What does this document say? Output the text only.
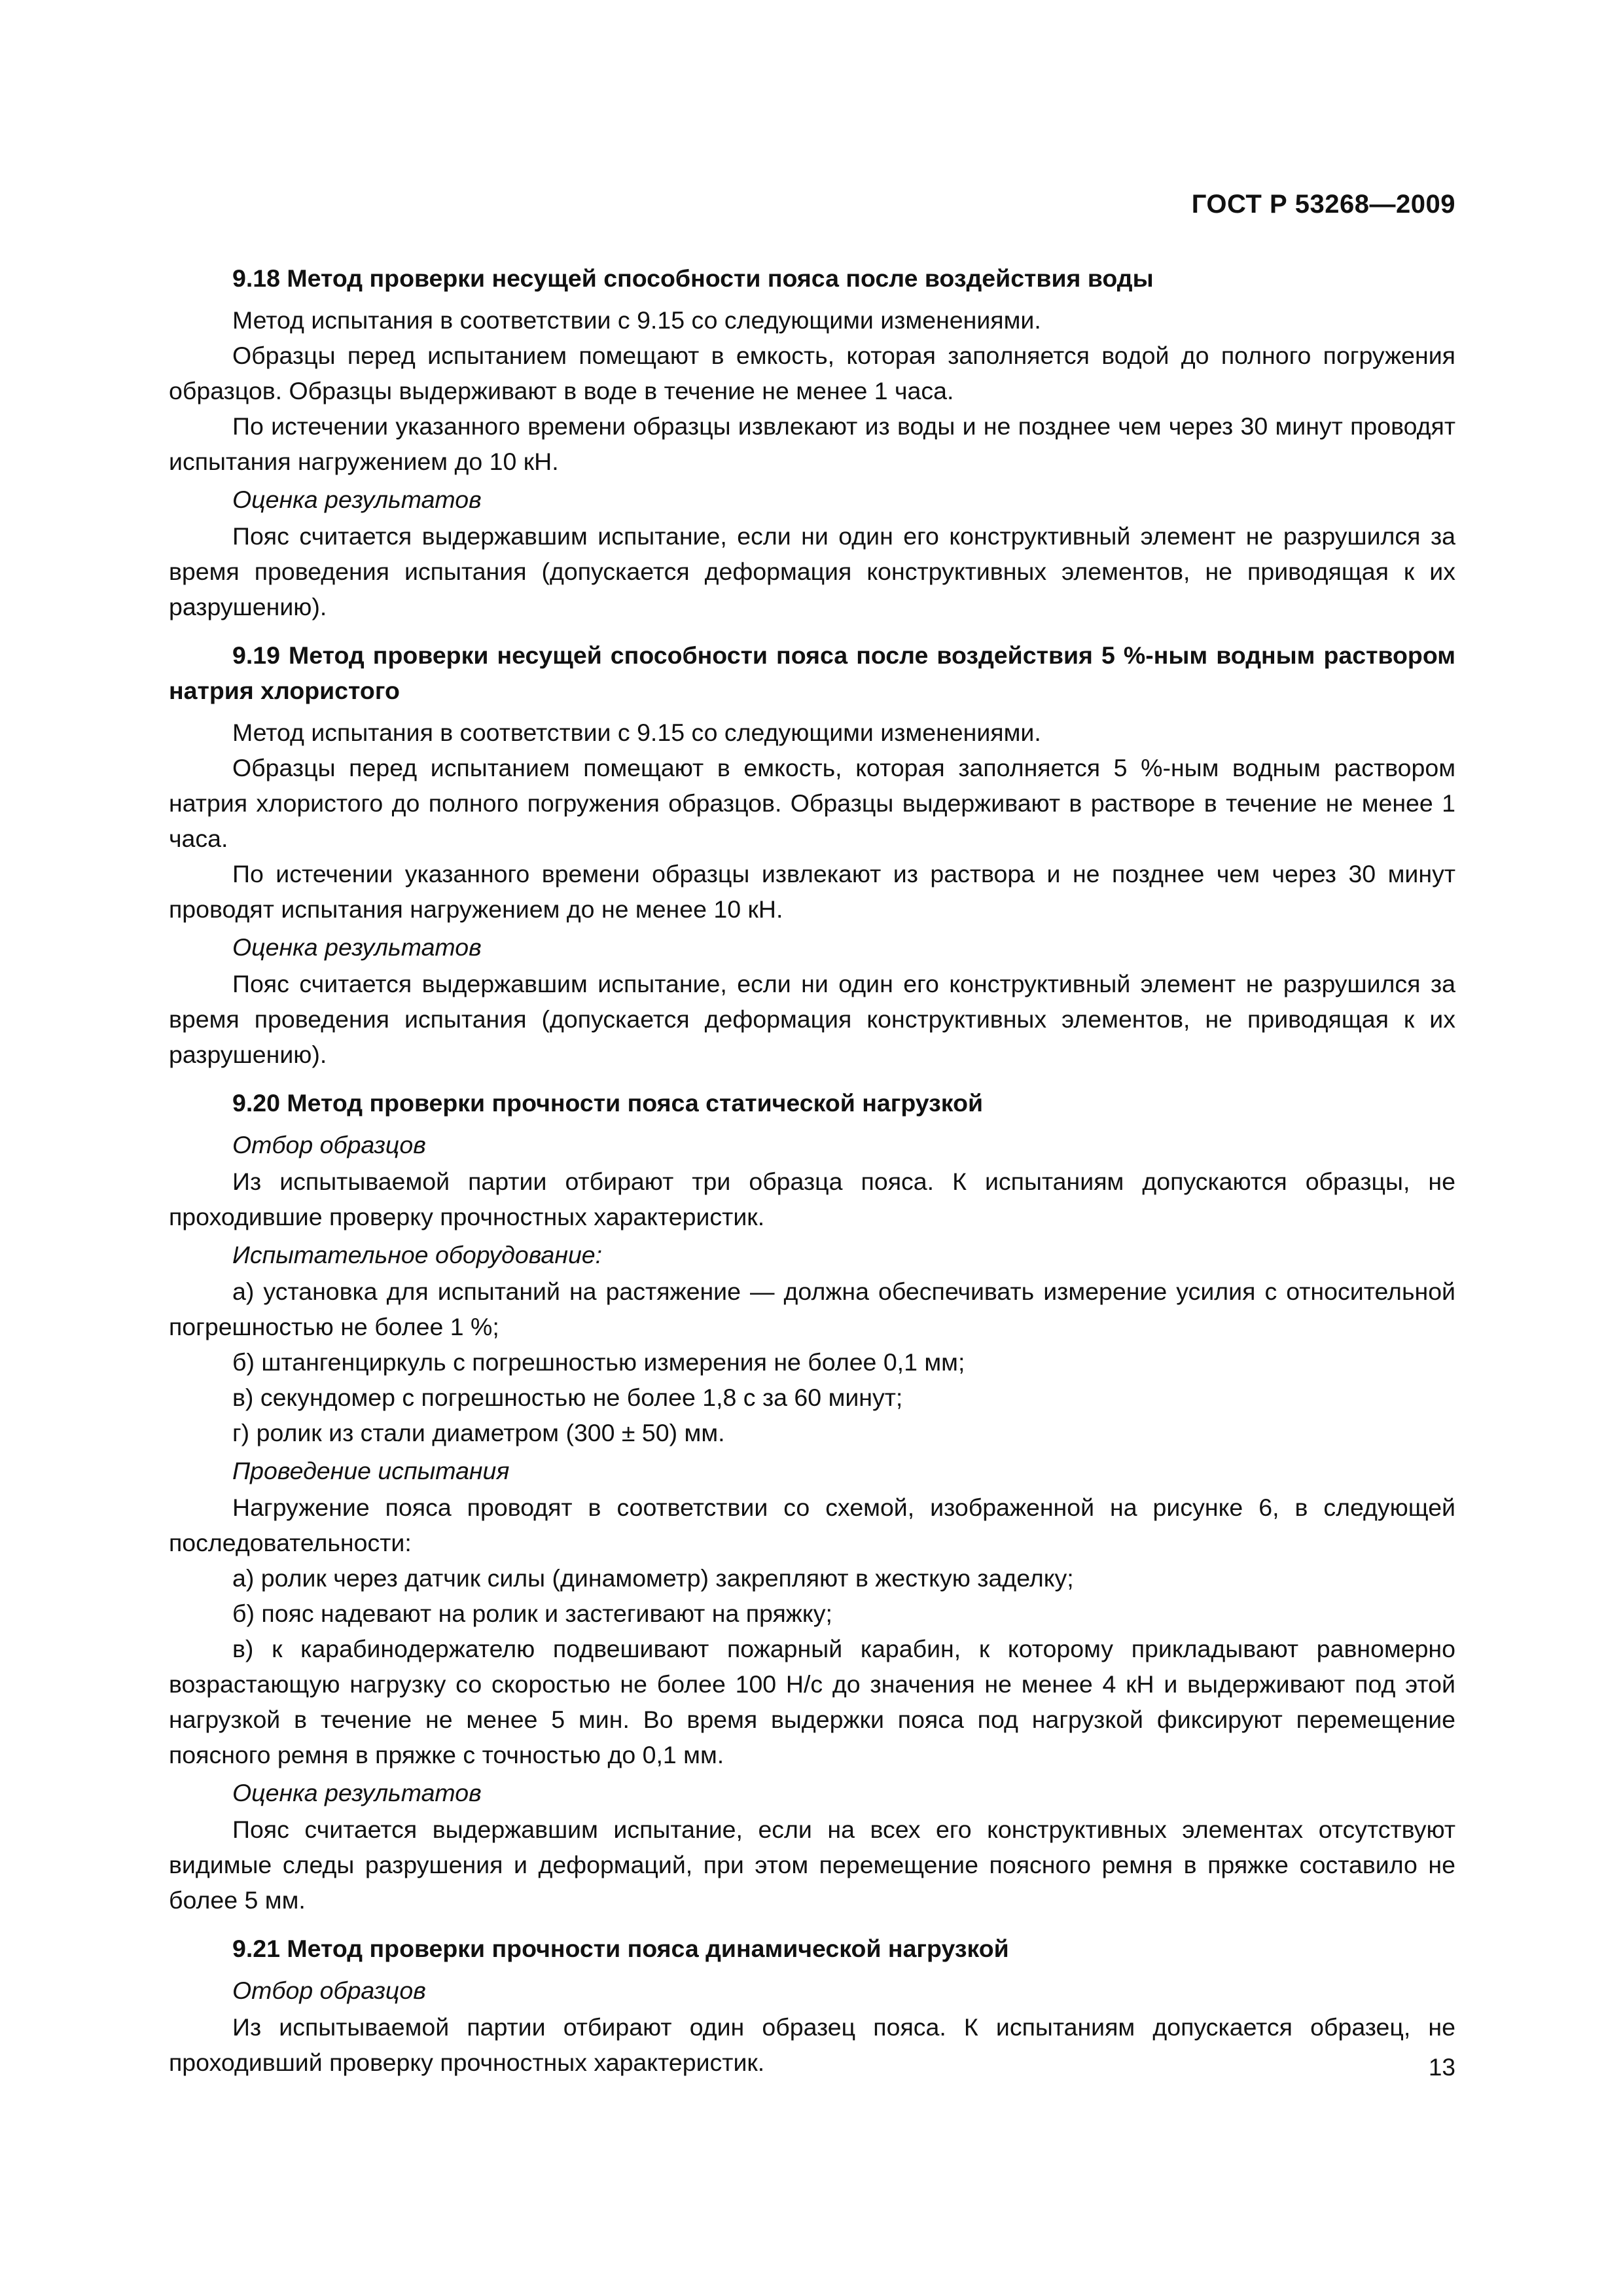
ГОСТ Р 53268—2009

9.18 Метод проверки несущей способности пояса после воздействия воды

Метод испытания в соответствии с 9.15 со следующими изменениями.

Образцы перед испытанием помещают в емкость, которая заполняется водой до полного погружения образцов. Образцы выдерживают в воде в течение не менее 1 часа.

По истечении указанного времени образцы извлекают из воды и не позднее чем через 30 минут проводят испытания нагружением до 10 кН.

Оценка результатов

Пояс считается выдержавшим испытание, если ни один его конструктивный элемент не разрушился за время проведения испытания (допускается деформация конструктивных элементов, не приводящая к их разрушению).

9.19 Метод проверки несущей способности пояса после воздействия 5 %-ным водным раствором натрия хлористого

Метод испытания в соответствии с 9.15 со следующими изменениями.

Образцы перед испытанием помещают в емкость, которая заполняется 5 %-ным водным раствором натрия хлористого до полного погружения образцов. Образцы выдерживают в растворе в течение не менее 1 часа.

По истечении указанного времени образцы извлекают из раствора и не позднее чем через 30 минут проводят испытания нагружением до не менее 10 кН.

Оценка результатов

Пояс считается выдержавшим испытание, если ни один его конструктивный элемент не разрушился за время проведения испытания (допускается деформация конструктивных элементов, не приводящая к их разрушению).

9.20 Метод проверки прочности пояса статической нагрузкой

Отбор образцов

Из испытываемой партии отбирают три образца пояса. К испытаниям допускаются образцы, не проходившие проверку прочностных характеристик.

Испытательное оборудование:

а) установка для испытаний на растяжение — должна обеспечивать измерение усилия с относительной погрешностью не более 1 %;

б) штангенциркуль с погрешностью измерения не более 0,1 мм;

в) секундомер с погрешностью не более 1,8 с за 60 минут;

г) ролик из стали диаметром (300 ± 50) мм.

Проведение испытания

Нагружение пояса проводят в соответствии со схемой, изображенной на рисунке 6, в следующей последовательности:

а) ролик через датчик силы (динамометр) закрепляют в жесткую заделку;

б) пояс надевают на ролик и застегивают на пряжку;

в) к карабинодержателю подвешивают пожарный карабин, к которому прикладывают равномерно возрастающую нагрузку со скоростью не более 100 Н/с до значения не менее 4 кН и выдерживают под этой нагрузкой в течение не менее 5 мин. Во время выдержки пояса под нагрузкой фиксируют перемещение поясного ремня в пряжке с точностью до 0,1 мм.

Оценка результатов

Пояс считается выдержавшим испытание, если на всех его конструктивных элементах отсутствуют видимые следы разрушения и деформаций, при этом перемещение поясного ремня в пряжке составило не более 5 мм.

9.21 Метод проверки прочности пояса динамической нагрузкой

Отбор образцов

Из испытываемой партии отбирают один образец пояса. К испытаниям допускается образец, не проходивший проверку прочностных характеристик.	13
